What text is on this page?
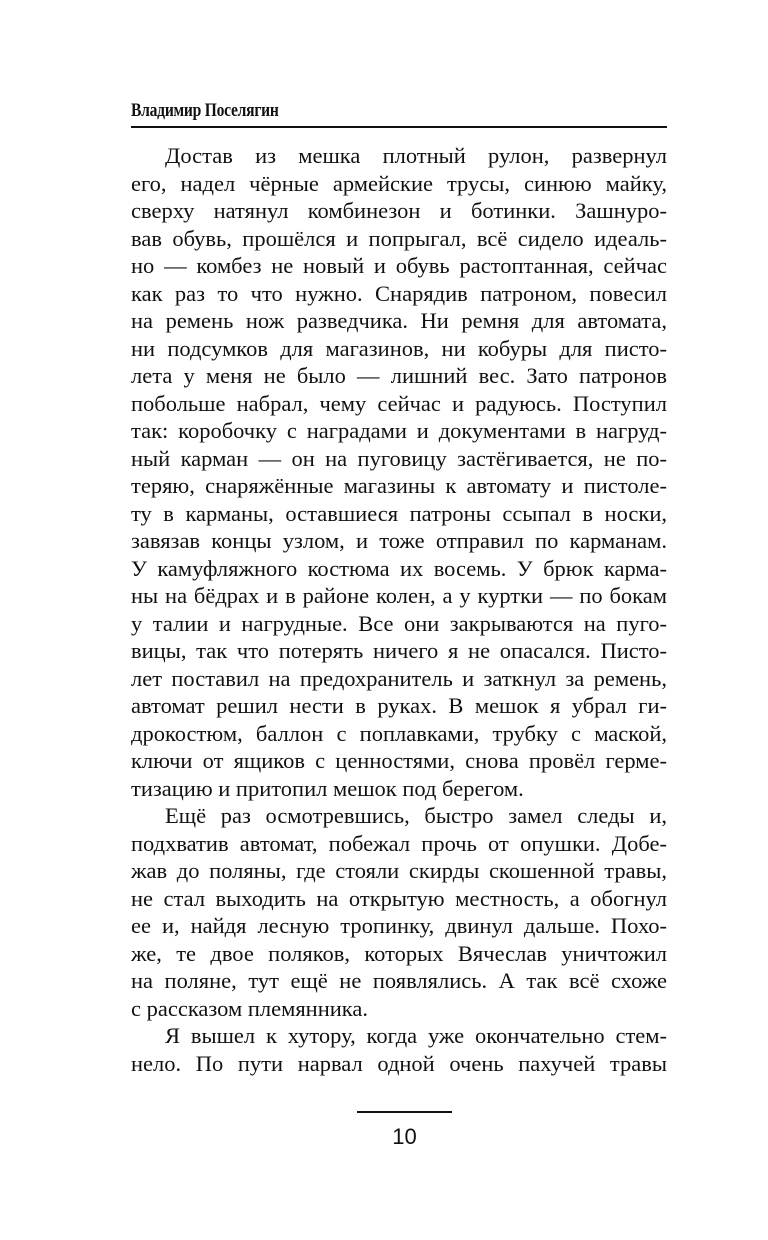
Владимир Поселягин
Достав из мешка плотный рулон, развернул
его, надел чёрные армейские трусы, синюю майку,
сверху натянул комбинезон и ботинки. Зашнуро-
вав обувь, прошёлся и попрыгал, всё сидело идеаль-
но — комбез не новый и обувь растоптанная, сейчас
как раз то что нужно. Снарядив патроном, повесил
на ремень нож разведчика. Ни ремня для автомата,
ни подсумков для магазинов, ни кобуры для писто-
лета у меня не было — лишний вес. Зато патронов
побольше набрал, чему сейчас и радуюсь. Поступил
так: коробочку с наградами и документами в нагруд-
ный карман — он на пуговицу застёгивается, не по-
теряю, снаряжённые магазины к автомату и пистоле-
ту в карманы, оставшиеся патроны ссыпал в носки,
завязав концы узлом, и тоже отправил по карманам.
У камуфляжного костюма их восемь. У брюк карма-
ны на бёдрах и в районе колен, а у куртки — по бокам
у талии и нагрудные. Все они закрываются на пуго-
вицы, так что потерять ничего я не опасался. Писто-
лет поставил на предохранитель и заткнул за ремень,
автомат решил нести в руках. В мешок я убрал ги-
дрокостюм, баллон с поплавками, трубку с маской,
ключи от ящиков с ценностями, снова провёл герме-
тизацию и притопил мешок под берегом.
Ещё раз осмотревшись, быстро замел следы и,
подхватив автомат, побежал прочь от опушки. Добе-
жав до поляны, где стояли скирды скошенной травы,
не стал выходить на открытую местность, а обогнул
ее и, найдя лесную тропинку, двинул дальше. Похо-
же, те двое поляков, которых Вячеслав уничтожил
на поляне, тут ещё не появлялись. А так всё схоже
с рассказом племянника.
Я вышел к хутору, когда уже окончательно стем-
нело. По пути нарвал одной очень пахучей травы
10
